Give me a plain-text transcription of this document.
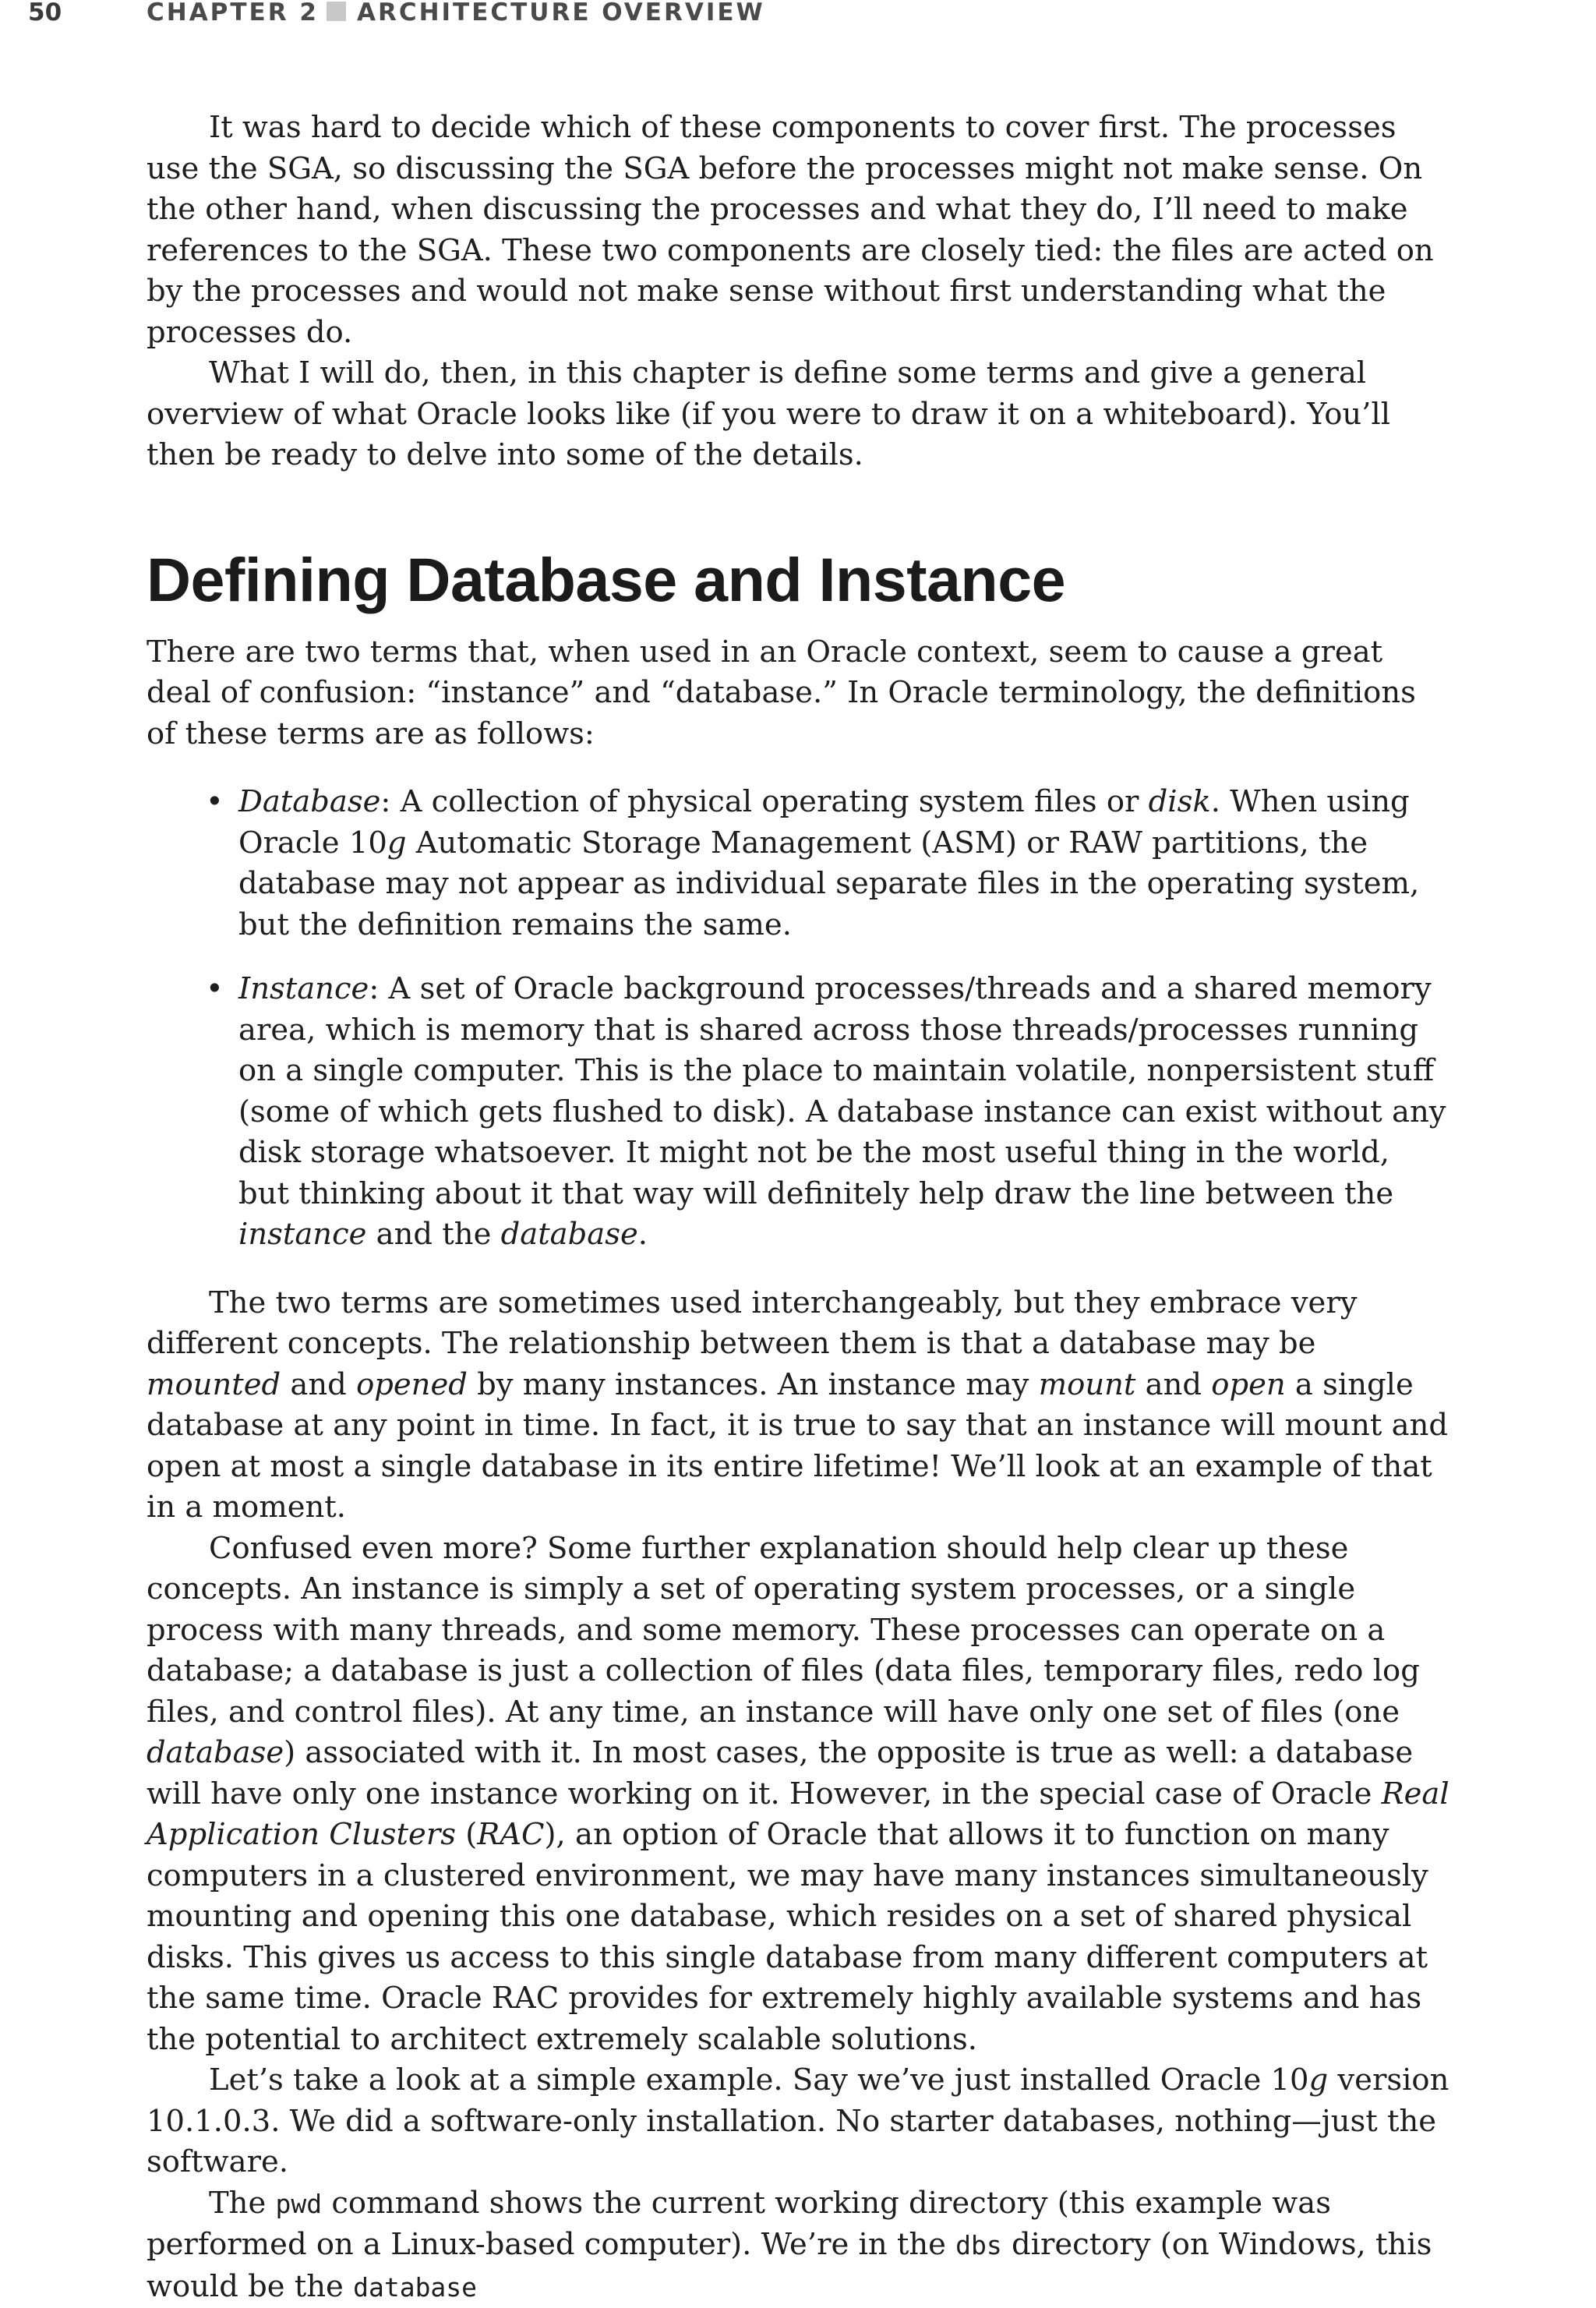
50	CHAPTER 2 ARCHITECTURE OVERVIEW

It was hard to decide which of these components to cover first. The processes use the SGA, so discussing the SGA before the processes might not make sense. On the other hand, when discussing the processes and what they do, I’ll need to make references to the SGA. These two components are closely tied: the files are acted on by the processes and would not make sense without first understanding what the processes do.

What I will do, then, in this chapter is define some terms and give a general overview of what Oracle looks like (if you were to draw it on a whiteboard). You’ll then be ready to delve into some of the details.

Defining Database and Instance

There are two terms that, when used in an Oracle context, seem to cause a great deal of confusion: “instance” and “database.” In Oracle terminology, the definitions of these terms are as follows:

• Database: A collection of physical operating system files or disk. When using Oracle 10g Automatic Storage Management (ASM) or RAW partitions, the database may not appear as individual separate files in the operating system, but the definition remains the same.
• Instance: A set of Oracle background processes/threads and a shared memory area, which is memory that is shared across those threads/processes running on a single computer. This is the place to maintain volatile, nonpersistent stuff (some of which gets flushed to disk). A database instance can exist without any disk storage whatsoever. It might not be the most useful thing in the world, but thinking about it that way will definitely help draw the line between the instance and the database.

The two terms are sometimes used interchangeably, but they embrace very different concepts. The relationship between them is that a database may be mounted and opened by many instances. An instance may mount and open a single database at any point in time. In fact, it is true to say that an instance will mount and open at most a single database in its entire lifetime! We’ll look at an example of that in a moment.

Confused even more? Some further explanation should help clear up these concepts. An instance is simply a set of operating system processes, or a single process with many threads, and some memory. These processes can operate on a database; a database is just a collection of files (data files, temporary files, redo log files, and control files). At any time, an instance will have only one set of files (one database) associated with it. In most cases, the opposite is true as well: a database will have only one instance working on it. However, in the special case of Oracle Real Application Clusters (RAC), an option of Oracle that allows it to function on many computers in a clustered environment, we may have many instances simultaneously mounting and opening this one database, which resides on a set of shared physical disks. This gives us access to this single database from many different computers at the same time. Oracle RAC provides for extremely highly available systems and has the potential to architect extremely scalable solutions.

Let’s take a look at a simple example. Say we’ve just installed Oracle 10g version 10.1.0.3. We did a software-only installation. No starter databases, nothing—just the software.

The pwd command shows the current working directory (this example was performed on a Linux-based computer). We’re in the dbs directory (on Windows, this would be the database
